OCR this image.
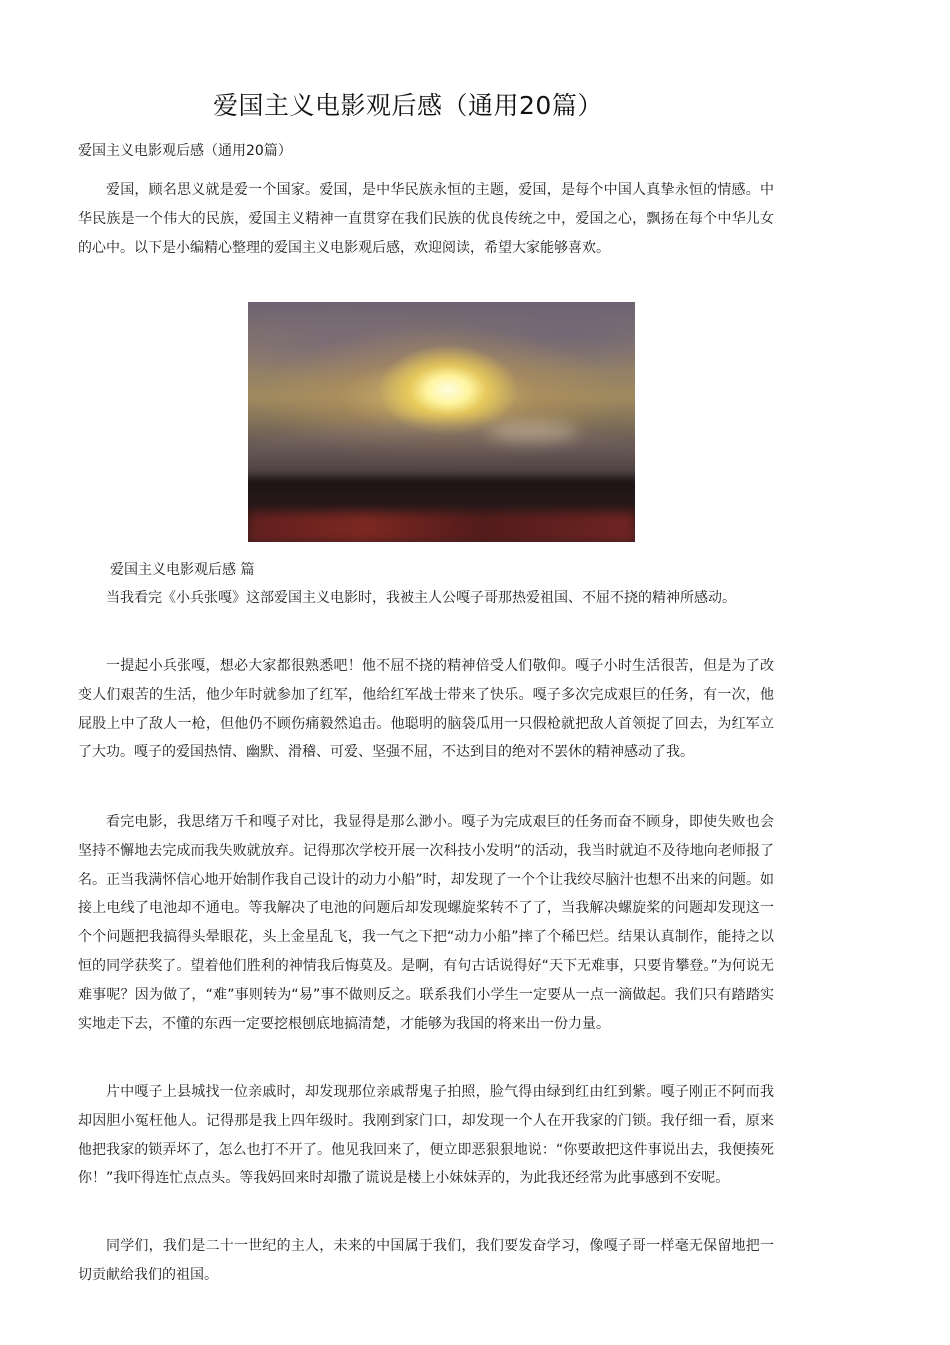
爱国主义电影观后感（通用20篇）

爱国主义电影观后感（通用20篇）

爱国，顾名思义就是爱一个国家。爱国，是中华民族永恒的主题，爱国，是每个中国人真挚永恒的情感。中华民族是一个伟大的民族，爱国主义精神一直贯穿在我们民族的优良传统之中，爱国之心，飘扬在每个中华儿女的心中。以下是小编精心整理的爱国主义电影观后感，欢迎阅读，希望大家能够喜欢。

爱国主义电影观后感 篇

当我看完《小兵张嘎》这部爱国主义电影时，我被主人公嘎子哥那热爱祖国、不屈不挠的精神所感动。

一提起小兵张嘎，想必大家都很熟悉吧！他不屈不挠的精神倍受人们敬仰。嘎子小时生活很苦，但是为了改变人们艰苦的生活，他少年时就参加了红军，他给红军战士带来了快乐。嘎子多次完成艰巨的任务，有一次，他屁股上中了敌人一枪，但他仍不顾伤痛毅然追击。他聪明的脑袋瓜用一只假枪就把敌人首领捉了回去，为红军立了大功。嘎子的爱国热情、幽默、滑稽、可爱、坚强不屈，不达到目的绝对不罢休的精神感动了我。

看完电影，我思绪万千和嘎子对比，我显得是那么渺小。嘎子为完成艰巨的任务而奋不顾身，即使失败也会坚持不懈地去完成而我失败就放弃。记得那次学校开展一次科技小发明”的活动，我当时就迫不及待地向老师报了名。正当我满怀信心地开始制作我自己设计的动力小船”时，却发现了一个个让我绞尽脑汁也想不出来的问题。如接上电线了电池却不通电。等我解决了电池的问题后却发现螺旋桨转不了了，当我解决螺旋桨的问题却发现这一个个问题把我搞得头晕眼花，头上金星乱飞，我一气之下把“动力小船”摔了个稀巴烂。结果认真制作，能持之以恒的同学获奖了。望着他们胜利的神情我后悔莫及。是啊，有句古话说得好“天下无难事，只要肯攀登。”为何说无难事呢？因为做了，“难”事则转为“易”事不做则反之。联系我们小学生一定要从一点一滴做起。我们只有踏踏实实地走下去，不懂的东西一定要挖根刨底地搞清楚，才能够为我国的将来出一份力量。

片中嘎子上县城找一位亲戚时，却发现那位亲戚帮鬼子拍照，脸气得由绿到红由红到紫。嘎子刚正不阿而我却因胆小冤枉他人。记得那是我上四年级时。我刚到家门口，却发现一个人在开我家的门锁。我仔细一看，原来他把我家的锁弄坏了，怎么也打不开了。他见我回来了，便立即恶狠狠地说：“你要敢把这件事说出去，我便揍死你！”我吓得连忙点点头。等我妈回来时却撒了谎说是楼上小妹妹弄的，为此我还经常为此事感到不安呢。

同学们，我们是二十一世纪的主人，未来的中国属于我们，我们要发奋学习，像嘎子哥一样毫无保留地把一切贡献给我们的祖国。
